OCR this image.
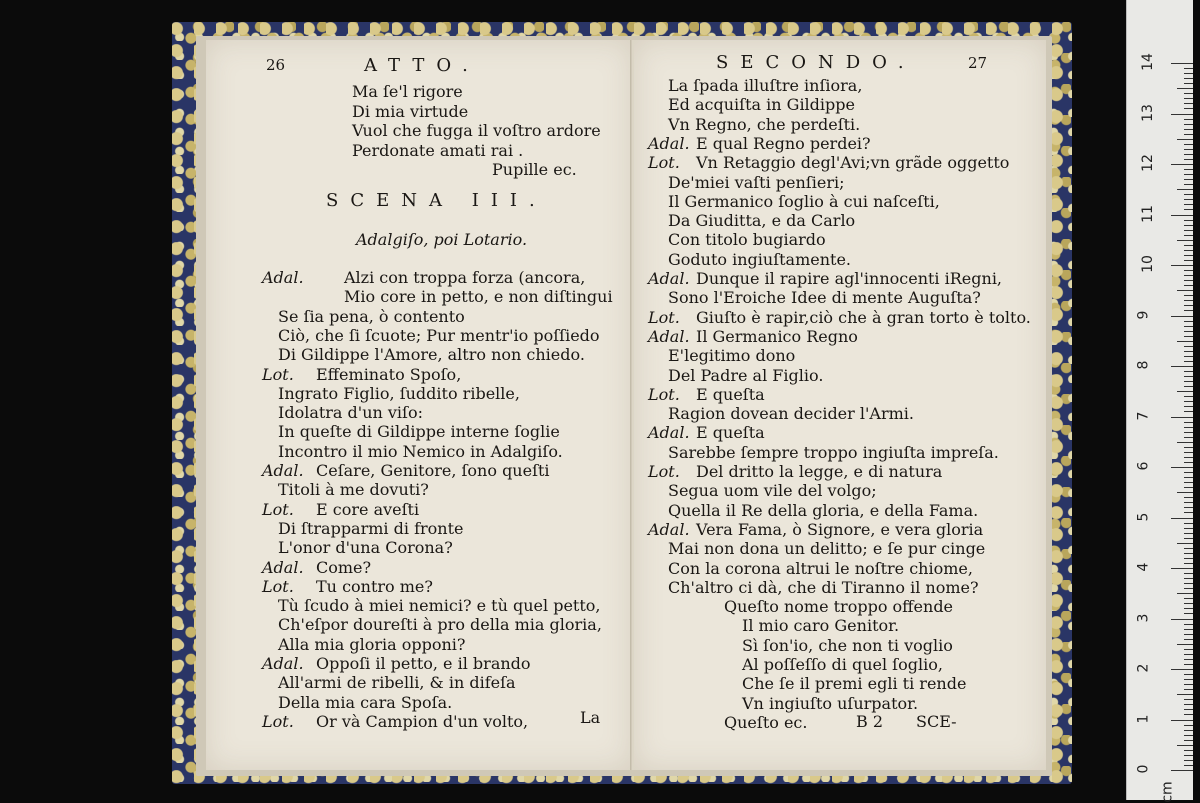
26	ATTO.
Ma ſe'l rigore
Di mia virtude
Vuol che fugga il voſtro ardore
Perdonate amati rai .
Pupille ec.
SCENA III.
Adalgiſo, poi Lotario.
Adal.	Alzi con troppa forza (ancora,
Mio core in petto, e non diſtingui
Se ſia pena, ò contento
Ciò, che ſi ſcuote; Pur mentr'io poſſiedo
Di Gildippe l'Amore, altro non chiedo.
Lot. Effeminato Spoſo,
Ingrato Figlio, ſuddito ribelle,
Idolatra d'un viſo:
In queſte di Gildippe interne ſoglie
Incontro il mio Nemico in Adalgiſo.
Adal. Ceſare, Genitore, ſono queſti
Titoli à me dovuti?
Lot. E core aveſti
Di ſtrapparmi di fronte
L'onor d'una Corona?
Adal. Come?
Lot. Tu contro me?
Tù ſcudo à miei nemici? e tù quel petto,
Ch'eſpor doureſti à pro della mia gloria,
Alla mia gloria opponi?
Adal. Oppoſi il petto, e il brando
All'armi de ribelli, & in difeſa
Della mia cara Spoſa.
Lot. Or và Campion d'un volto,	La
SECONDO.	27
La ſpada illuſtre inſiora,
Ed acquiſta in Gildippe
Vn Regno, che perdeſti.
Adal. E qual Regno perdei?
Lot. Vn Retaggio degl'Avi;vn grãde oggetto
De'miei vaſti penſieri;
Il Germanico ſoglio à cui naſceſti,
Da Giuditta, e da Carlo
Con titolo bugiardo
Goduto ingiuſtamente.
Adal. Dunque il rapire agl'innocenti iRegni,
Sono l'Eroiche Idee di mente Auguſta?
Lot. Giuſto è rapir,ciò che à gran torto è tolto.
Adal. Il Germanico Regno
E'legitimo dono
Del Padre al Figlio.
Lot. E queſta
Ragion dovean decider l'Armi.
Adal. E queſta
Sarebbe ſempre troppo ingiuſta impreſa.
Lot. Del dritto la legge, e di natura
Segua uom vile del volgo;
Quella il Re della gloria, e della Fama.
Adal. Vera Fama, ò Signore, e vera gloria
Mai non dona un delitto; e ſe pur cinge
Con la corona altrui le noſtre chiome,
Ch'altro ci dà, che di Tiranno il nome?
Queſto nome troppo offende
Il mio caro Genitor.
Sì ſon'io, che non ti voglio
Al poſſeſſo di quel ſoglio,
Che ſe il premi egli ti rende
Vn ingiuſto uſurpator.
Queſto ec.	B 2 SCE-
0
1
2
3
4
5
6
7
8
9
10
11
12
13
14
cm
